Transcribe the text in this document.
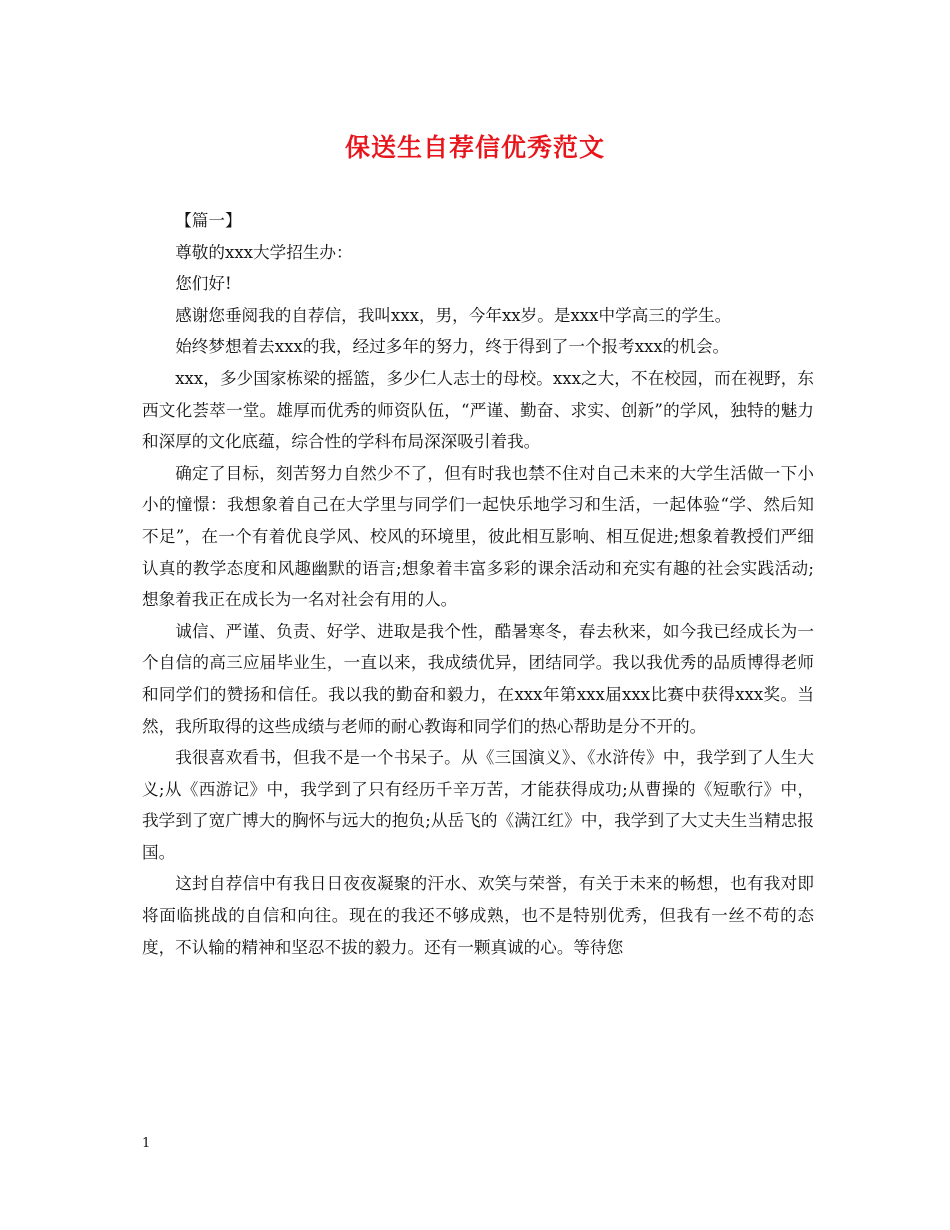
保送生自荐信优秀范文

【篇一】

尊敬的xxx大学招生办：

您们好!

感谢您垂阅我的自荐信，我叫xxx，男，今年xx岁。是xxx中学高三的学生。

始终梦想着去xxx的我，经过多年的努力，终于得到了一个报考xxx的机会。

xxx，多少国家栋梁的摇篮，多少仁人志士的母校。xxx之大，不在校园，而在视野，东西文化荟萃一堂。雄厚而优秀的师资队伍，“严谨、勤奋、求实、创新”的学风，独特的魅力和深厚的文化底蕴，综合性的学科布局深深吸引着我。

确定了目标，刻苦努力自然少不了，但有时我也禁不住对自己未来的大学生活做一下小小的憧憬：我想象着自己在大学里与同学们一起快乐地学习和生活，一起体验“学、然后知不足”，在一个有着优良学风、校风的环境里，彼此相互影响、相互促进;想象着教授们严细认真的教学态度和风趣幽默的语言;想象着丰富多彩的课余活动和充实有趣的社会实践活动;想象着我正在成长为一名对社会有用的人。

诚信、严谨、负责、好学、进取是我个性，酷暑寒冬，春去秋来，如今我已经成长为一个自信的高三应届毕业生，一直以来，我成绩优异，团结同学。我以我优秀的品质博得老师和同学们的赞扬和信任。我以我的勤奋和毅力，在xxx年第xxx届xxx比赛中获得xxx奖。当然，我所取得的这些成绩与老师的耐心教诲和同学们的热心帮助是分不开的。

我很喜欢看书，但我不是一个书呆子。从《三国演义》、《水浒传》中，我学到了人生大义;从《西游记》中，我学到了只有经历千辛万苦，才能获得成功;从曹操的《短歌行》中，我学到了宽广博大的胸怀与远大的抱负;从岳飞的《满江红》中，我学到了大丈夫生当精忠报国。

这封自荐信中有我日日夜夜凝聚的汗水、欢笑与荣誉，有关于未来的畅想，也有我对即将面临挑战的自信和向往。现在的我还不够成熟，也不是特别优秀，但我有一丝不苟的态度，不认输的精神和坚忍不拔的毅力。还有一颗真诚的心。等待您

1
